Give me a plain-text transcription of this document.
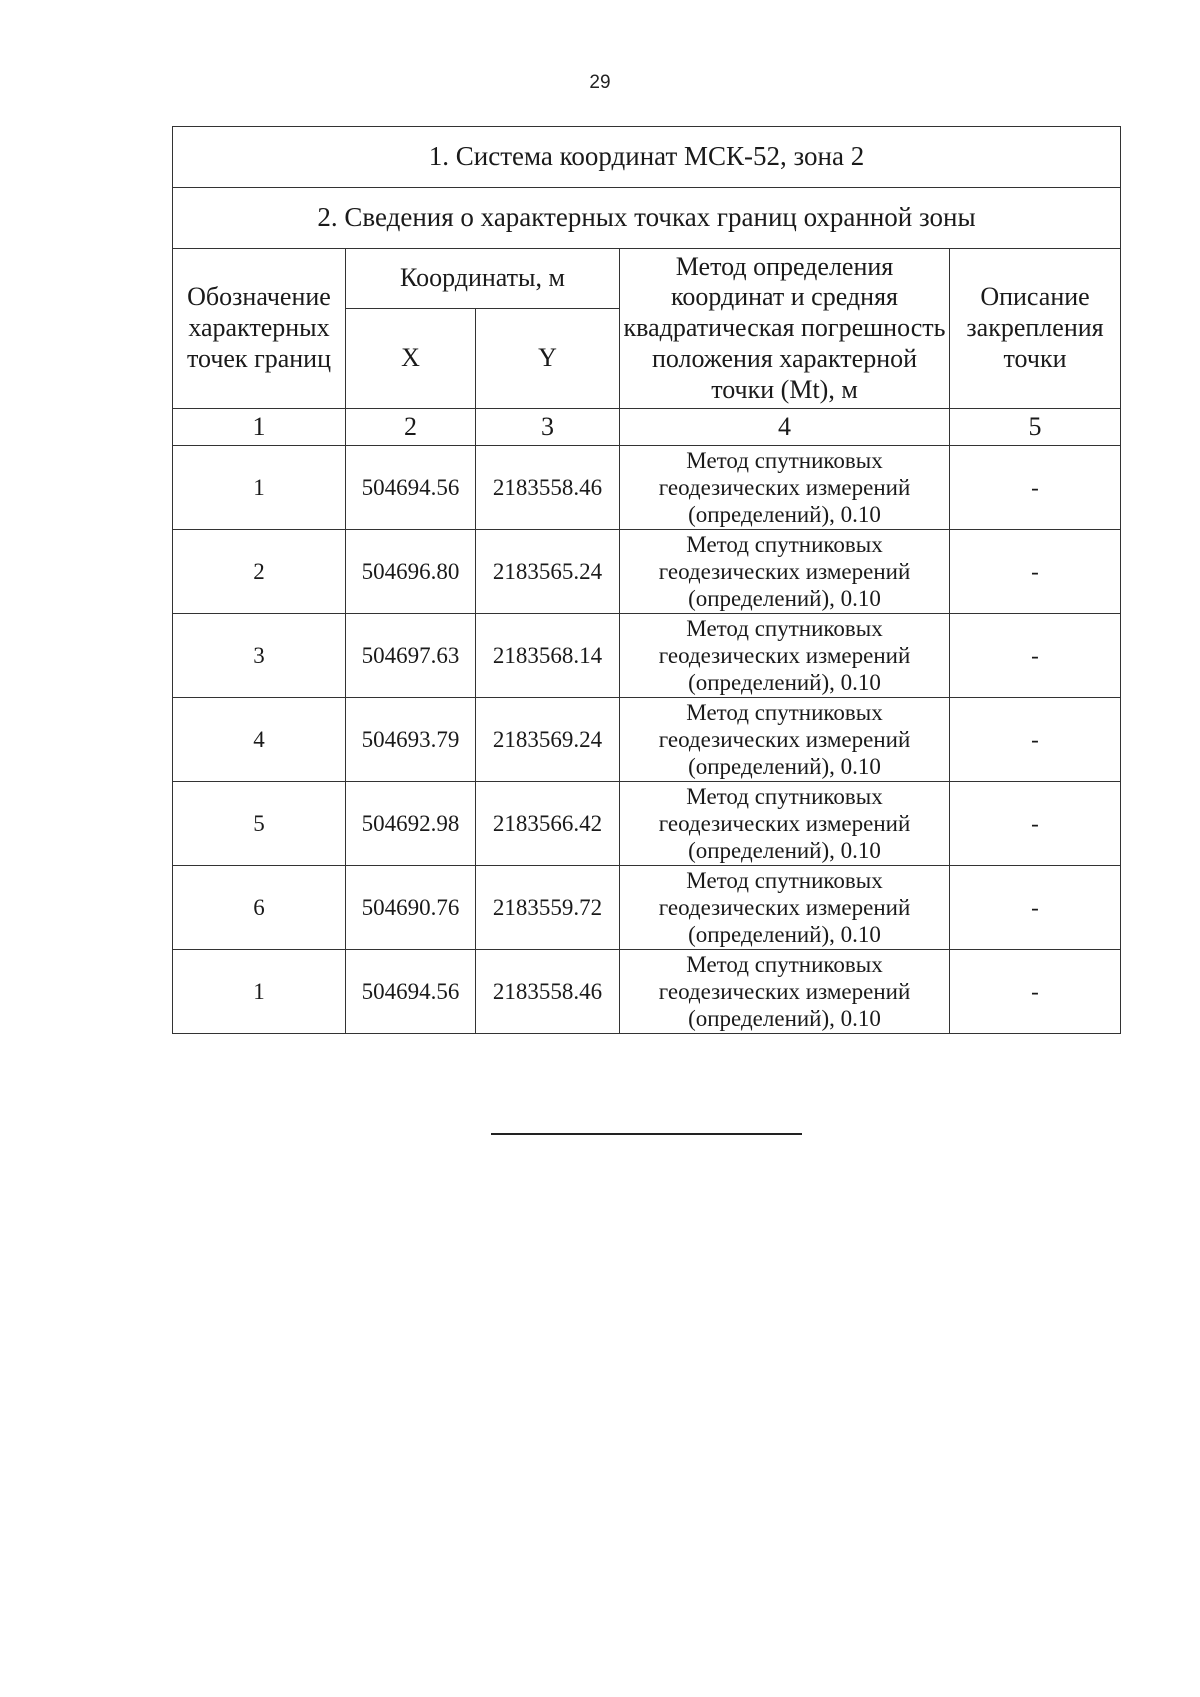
29
1. Система координат МСК-52, зона 2				
2. Сведения о характерных точках границ охранной зоны				
Обозначение характерных точек границ	Координаты, м		Метод определения координат и средняя квадратическая погрешность положения характерной точки (Mt), м	Описание закрепления точки
	X	Y		
1	2	3	4	5
1	504694.56	2183558.46	Метод спутниковых геодезических измерений (определений), 0.10	-
2	504696.80	2183565.24	Метод спутниковых геодезических измерений (определений), 0.10	-
3	504697.63	2183568.14	Метод спутниковых геодезических измерений (определений), 0.10	-
4	504693.79	2183569.24	Метод спутниковых геодезических измерений (определений), 0.10	-
5	504692.98	2183566.42	Метод спутниковых геодезических измерений (определений), 0.10	-
6	504690.76	2183559.72	Метод спутниковых геодезических измерений (определений), 0.10	-
1	504694.56	2183558.46	Метод спутниковых геодезических измерений (определений), 0.10	-
